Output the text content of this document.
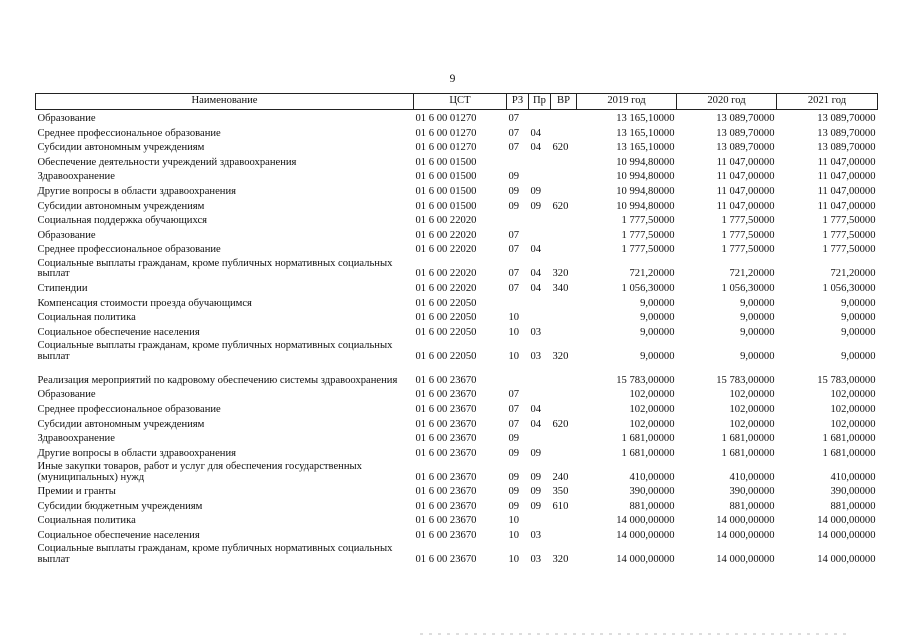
9
Наименование	ЦСТ	РЗ	Пр	ВР	2019 год	2020 год	2021 год
Образование	01 6 00 01270	07			13 165,10000	13 089,70000	13 089,70000
Среднее профессиональное образование	01 6 00 01270	07	04		13 165,10000	13 089,70000	13 089,70000
Субсидии автономным учреждениям	01 6 00 01270	07	04	620	13 165,10000	13 089,70000	13 089,70000
Обеспечение деятельности учреждений здравоохранения	01 6 00 01500				10 994,80000	11 047,00000	11 047,00000
Здравоохранение	01 6 00 01500	09			10 994,80000	11 047,00000	11 047,00000
Другие вопросы в области здравоохранения	01 6 00 01500	09	09		10 994,80000	11 047,00000	11 047,00000
Субсидии автономным учреждениям	01 6 00 01500	09	09	620	10 994,80000	11 047,00000	11 047,00000
Социальная поддержка обучающихся	01 6 00 22020				1 777,50000	1 777,50000	1 777,50000
Образование	01 6 00 22020	07			1 777,50000	1 777,50000	1 777,50000
Среднее профессиональное образование	01 6 00 22020	07	04		1 777,50000	1 777,50000	1 777,50000
Социальные выплаты гражданам, кроме публичных нормативных социальных выплат	01 6 00 22020	07	04	320	721,20000	721,20000	721,20000
Стипендии	01 6 00 22020	07	04	340	1 056,30000	1 056,30000	1 056,30000
Компенсация стоимости проезда обучающимся	01 6 00 22050				9,00000	9,00000	9,00000
Социальная политика	01 6 00 22050	10			9,00000	9,00000	9,00000
Социальное обеспечение населения	01 6 00 22050	10	03		9,00000	9,00000	9,00000
Социальные выплаты гражданам, кроме публичных нормативных социальных выплат	01 6 00 22050	10	03	320	9,00000	9,00000	9,00000
Реализация мероприятий по кадровому обеспечению системы здравоохранения	01 6 00 23670				15 783,00000	15 783,00000	15 783,00000
Образование	01 6 00 23670	07			102,00000	102,00000	102,00000
Среднее профессиональное образование	01 6 00 23670	07	04		102,00000	102,00000	102,00000
Субсидии автономным учреждениям	01 6 00 23670	07	04	620	102,00000	102,00000	102,00000
Здравоохранение	01 6 00 23670	09			1 681,00000	1 681,00000	1 681,00000
Другие вопросы в области здравоохранения	01 6 00 23670	09	09		1 681,00000	1 681,00000	1 681,00000
Иные закупки товаров, работ и услуг для обеспечения государственных (муниципальных) нужд	01 6 00 23670	09	09	240	410,00000	410,00000	410,00000
Премии и гранты	01 6 00 23670	09	09	350	390,00000	390,00000	390,00000
Субсидии бюджетным учреждениям	01 6 00 23670	09	09	610	881,00000	881,00000	881,00000
Социальная политика	01 6 00 23670	10			14 000,00000	14 000,00000	14 000,00000
Социальное обеспечение населения	01 6 00 23670	10	03		14 000,00000	14 000,00000	14 000,00000
Социальные выплаты гражданам, кроме публичных нормативных социальных выплат	01 6 00 23670	10	03	320	14 000,00000	14 000,00000	14 000,00000
